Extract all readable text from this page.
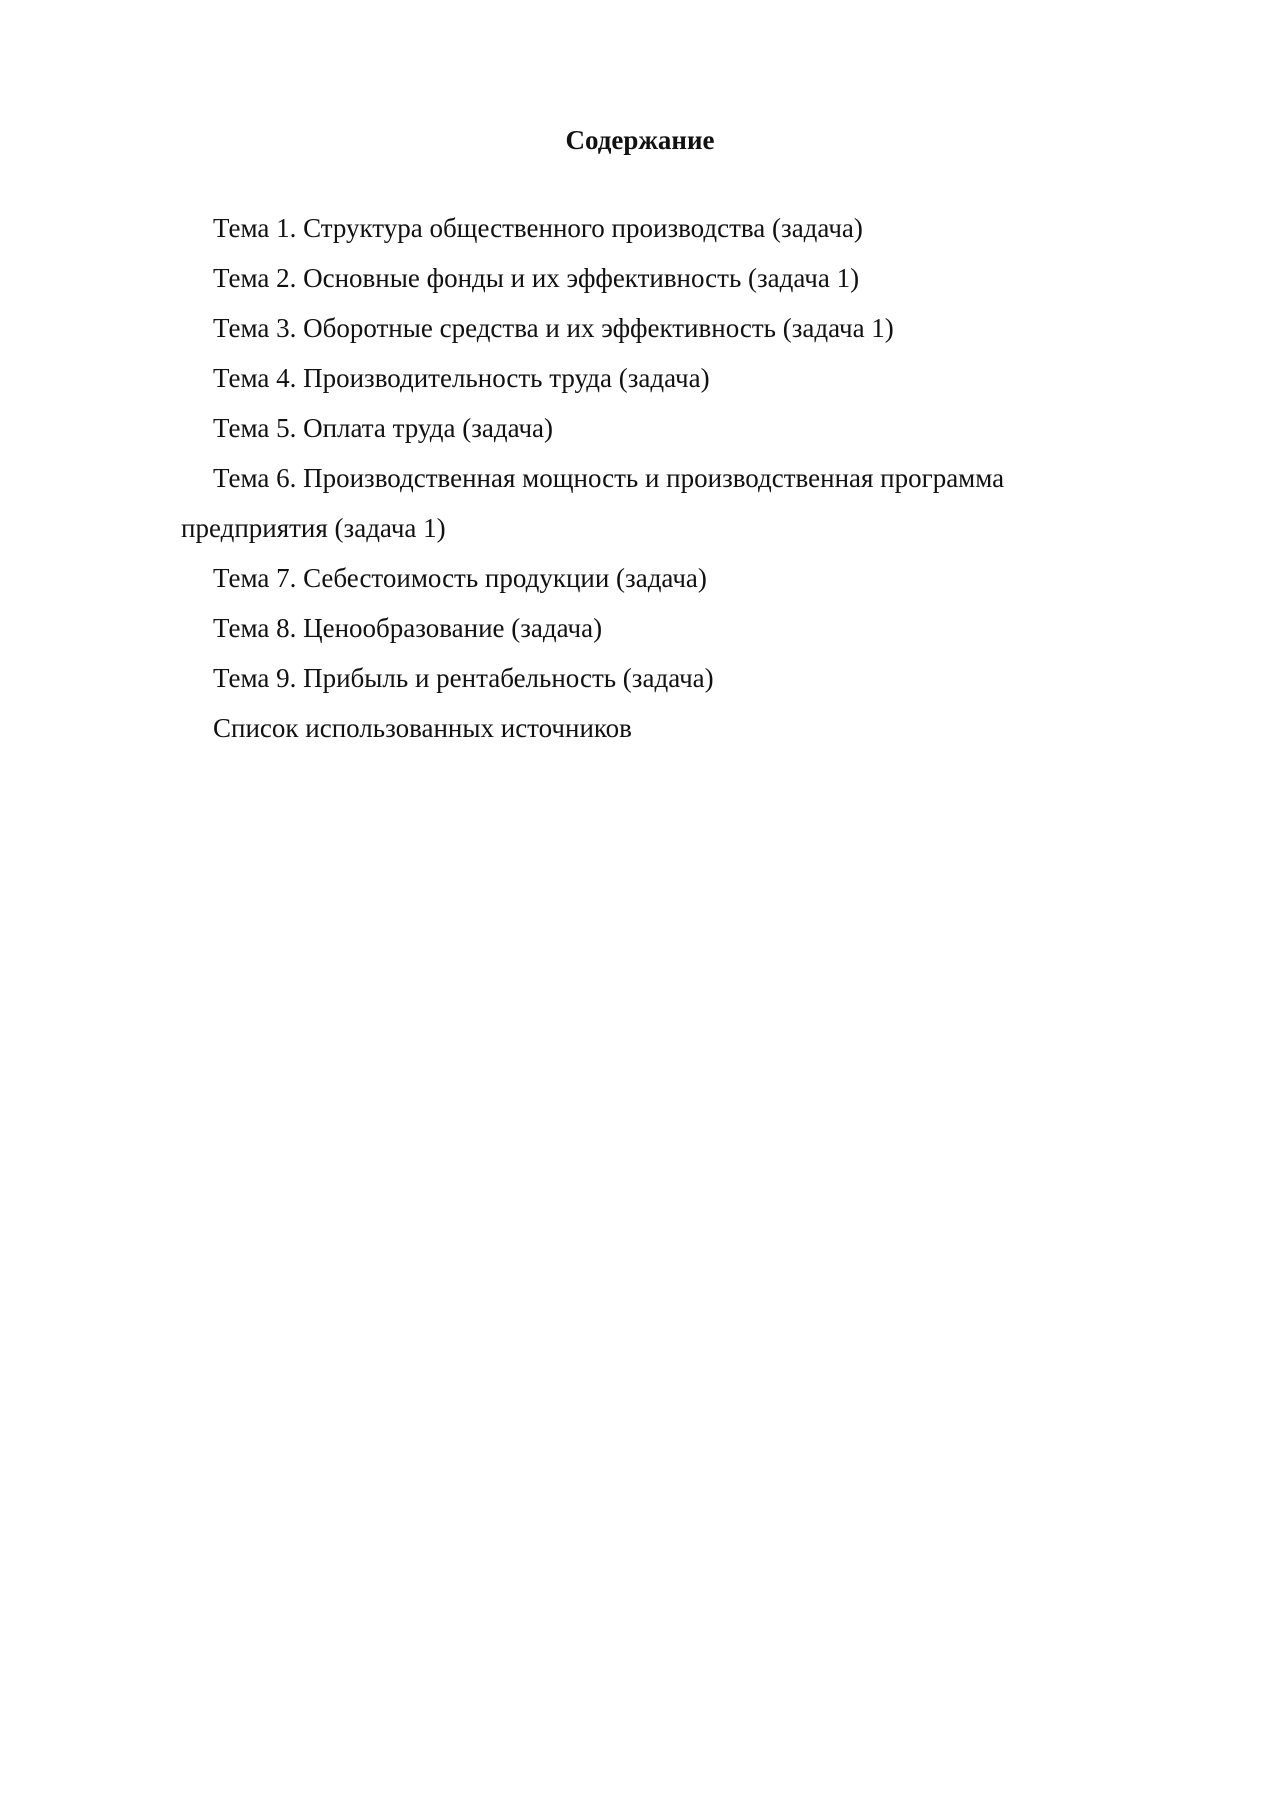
Содержание
Тема 1. Структура общественного производства (задача)
Тема 2. Основные фонды и их эффективность (задача 1)
Тема 3. Оборотные средства и их эффективность (задача 1)
Тема 4. Производительность труда (задача)
Тема 5. Оплата труда (задача)
Тема 6. Производственная мощность и производственная программа предприятия (задача 1)
Тема 7. Себестоимость продукции (задача)
Тема 8. Ценообразование (задача)
Тема 9. Прибыль и рентабельность (задача)
Список использованных источников
